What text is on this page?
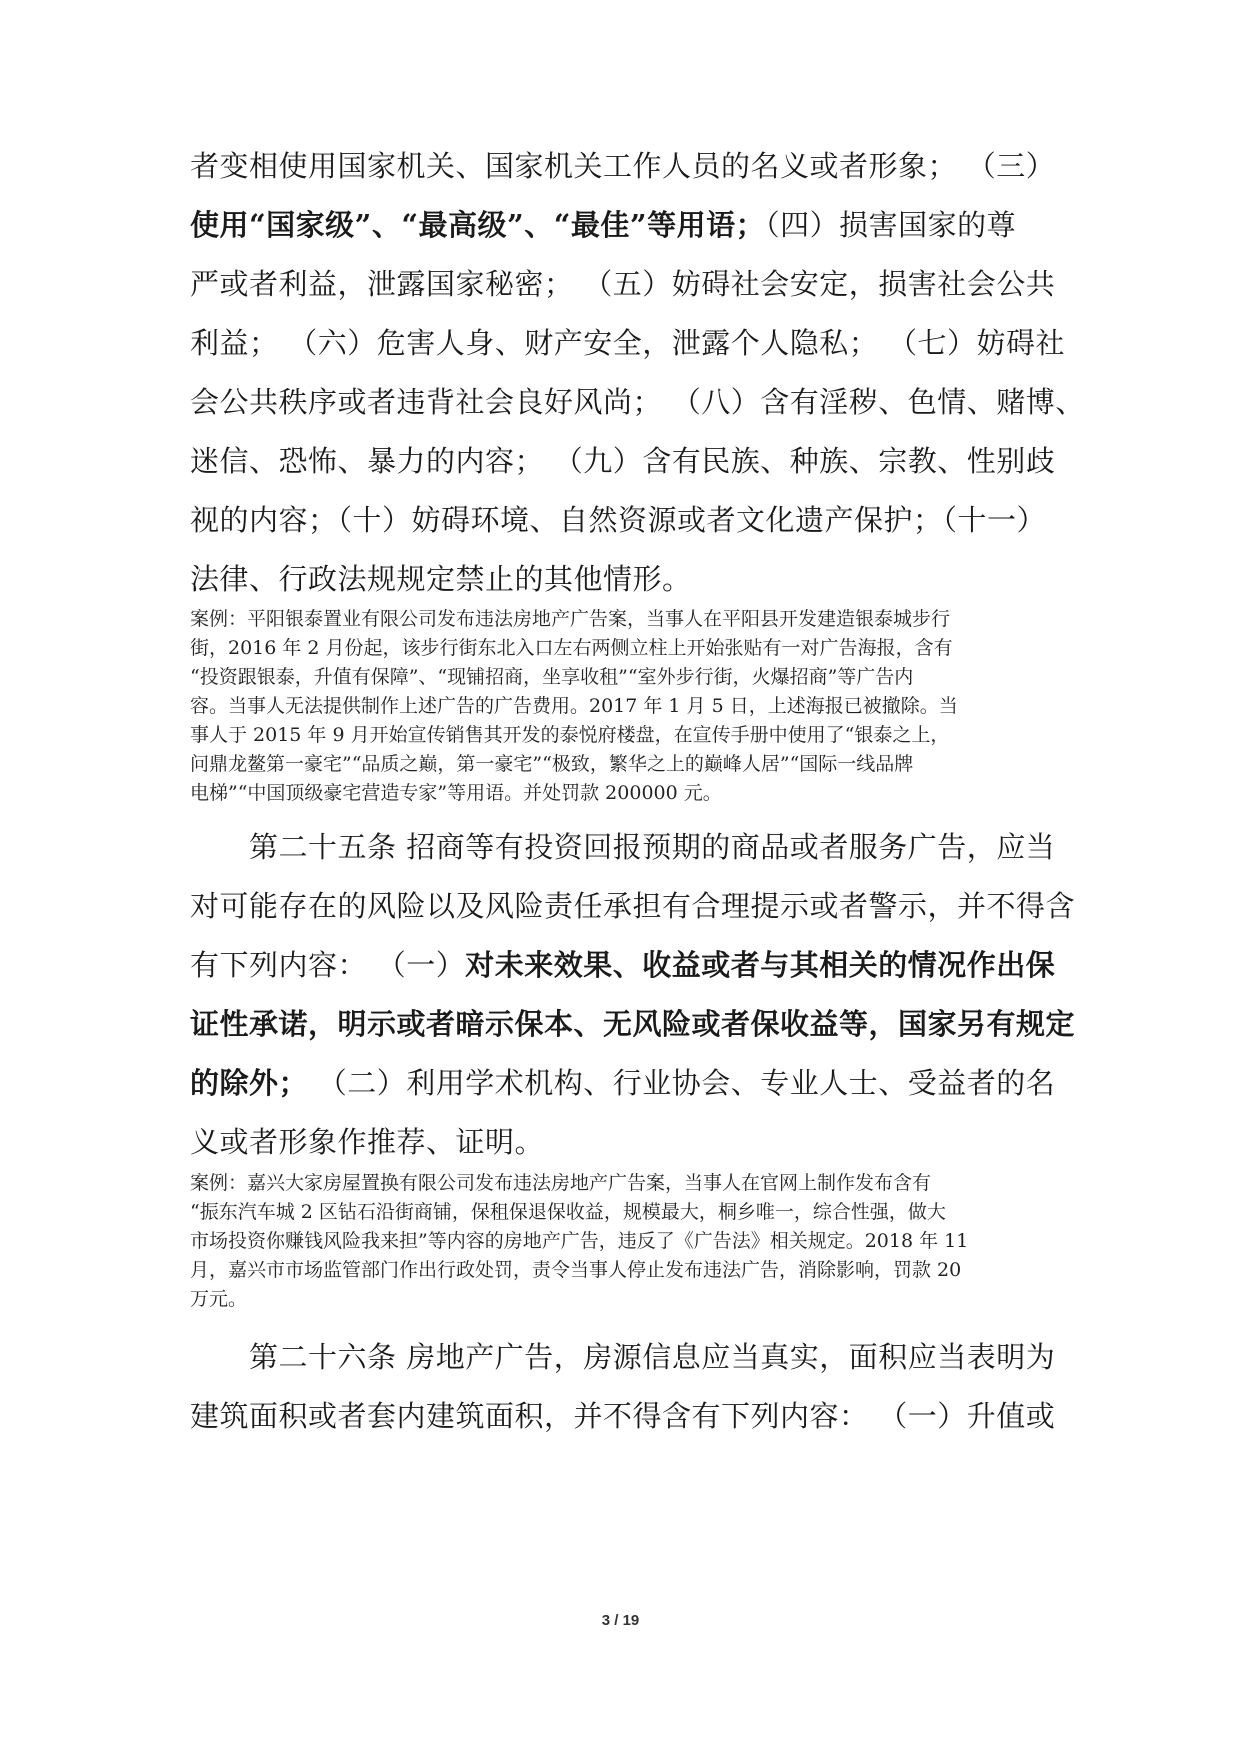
者变相使用国家机关、国家机关工作人员的名义或者形象； （三）
使用“国家级”、“最高级”、“最佳”等用语；（四）损害国家的尊
严或者利益，泄露国家秘密； （五）妨碍社会安定，损害社会公共
利益； （六）危害人身、财产安全，泄露个人隐私； （七）妨碍社
会公共秩序或者违背社会良好风尚； （八）含有淫秽、色情、赌博、
迷信、恐怖、暴力的内容； （九）含有民族、种族、宗教、性别歧
视的内容；（十）妨碍环境、自然资源或者文化遗产保护；（十一）
法律、行政法规规定禁止的其他情形。
案例：平阳银泰置业有限公司发布违法房地产广告案，当事人在平阳县开发建造银泰城步行
街，2016 年 2 月份起，该步行街东北入口左右两侧立柱上开始张贴有一对广告海报，含有
“投资跟银泰，升值有保障”、“现铺招商，坐享收租”“室外步行街，火爆招商”等广告内
容。当事人无法提供制作上述广告的广告费用。2017 年 1 月 5 日，上述海报已被撤除。当
事人于 2015 年 9 月开始宣传销售其开发的泰悦府楼盘，在宣传手册中使用了“银泰之上，
问鼎龙鳌第一豪宅”“品质之巅，第一豪宅”“极致，繁华之上的巅峰人居”“国际一线品牌
电梯”“中国顶级豪宅营造专家”等用语。并处罚款 200000 元。
第二十五条 招商等有投资回报预期的商品或者服务广告，应当
对可能存在的风险以及风险责任承担有合理提示或者警示，并不得含
有下列内容： （一）对未来效果、收益或者与其相关的情况作出保
证性承诺，明示或者暗示保本、无风险或者保收益等，国家另有规定
的除外； （二）利用学术机构、行业协会、专业人士、受益者的名
义或者形象作推荐、证明。
案例：嘉兴大家房屋置换有限公司发布违法房地产广告案，当事人在官网上制作发布含有
“振东汽车城 2 区钻石沿街商铺，保租保退保收益，规模最大，桐乡唯一，综合性强，做大
市场投资你赚钱风险我来担”等内容的房地产广告，违反了《广告法》相关规定。2018 年 11
月，嘉兴市市场监管部门作出行政处罚，责令当事人停止发布违法广告，消除影响，罚款 20
万元。
第二十六条 房地产广告，房源信息应当真实，面积应当表明为
建筑面积或者套内建筑面积，并不得含有下列内容： （一）升值或
3 / 19
